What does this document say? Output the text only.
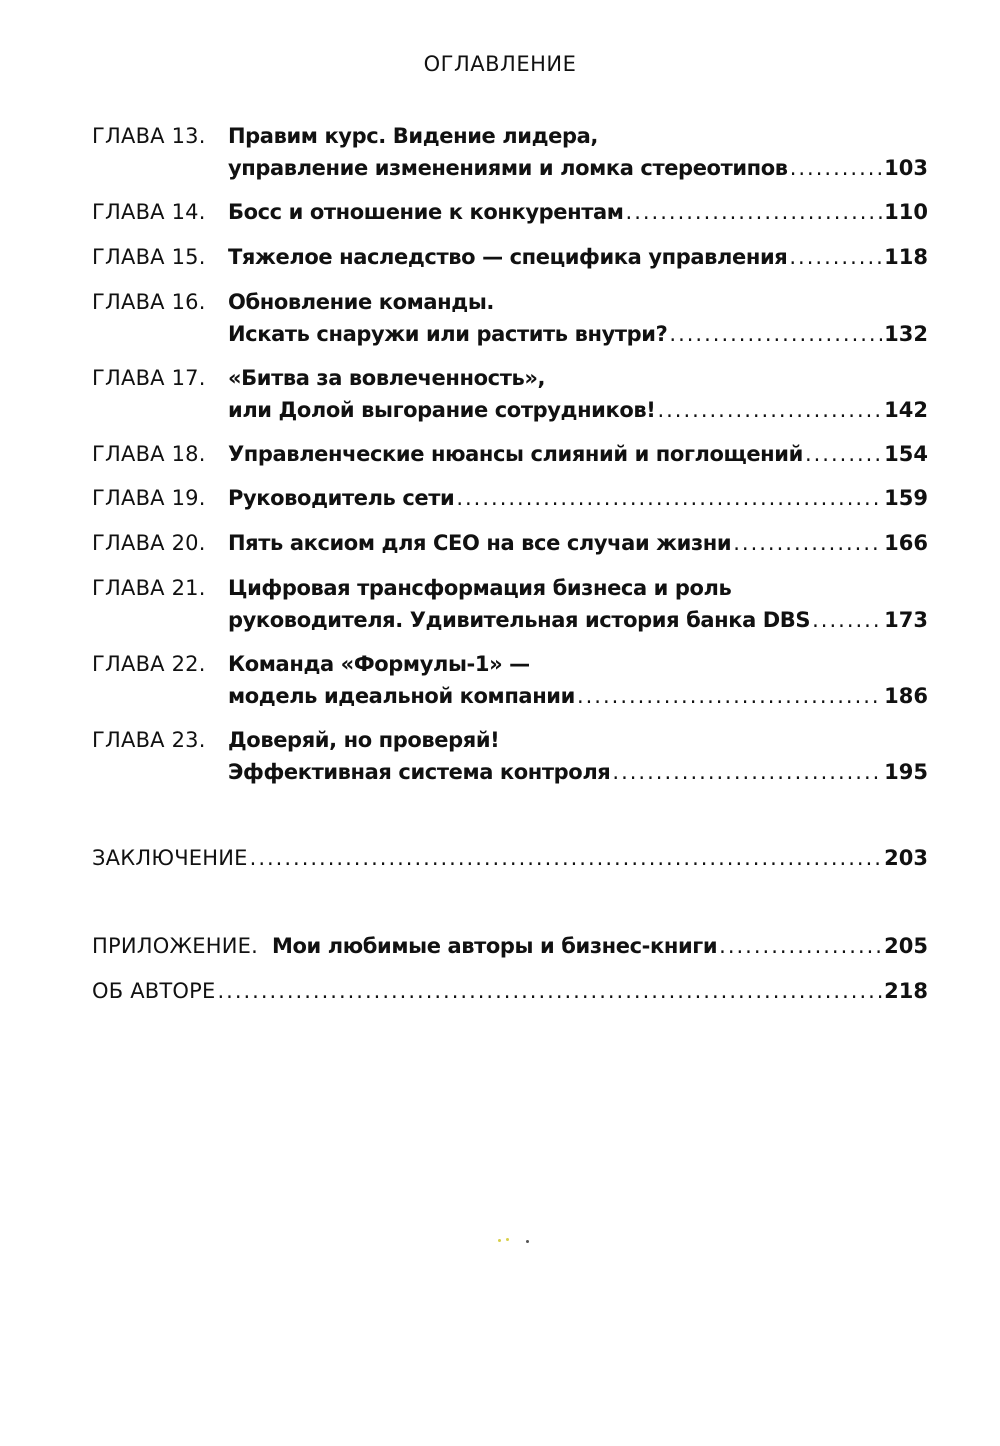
ОГЛАВЛЕНИЕ
ГЛАВА 13. Правим курс. Видение лидера,
управление изменениями и ломка стереотипов .....	103
ГЛАВА 14. Босс и отношение к конкурентам .....	110
ГЛАВА 15. Тяжелое наследство — специфика управления .....	118
ГЛАВА 16. Обновление команды.
Искать снаружи или растить внутри? .....	132
ГЛАВА 17. «Битва за вовлеченность»,
или Долой выгорание сотрудников! .....	142
ГЛАВА 18. Управленческие нюансы слияний и поглощений .....	154
ГЛАВА 19. Руководитель сети .....	159
ГЛАВА 20. Пять аксиом для CEO на все случаи жизни .....	166
ГЛАВА 21. Цифровая трансформация бизнеса и роль
руководителя. Удивительная история банка DBS .....	173
ГЛАВА 22. Команда «Формулы-1» —
модель идеальной компании .....	186
ГЛАВА 23. Доверяй, но проверяй!
Эффективная система контроля .....	195
ЗАКЛЮЧЕНИЕ .....	203
ПРИЛОЖЕНИЕ. Мои любимые авторы и бизнес-книги .....	205
ОБ АВТОРЕ .....	218
